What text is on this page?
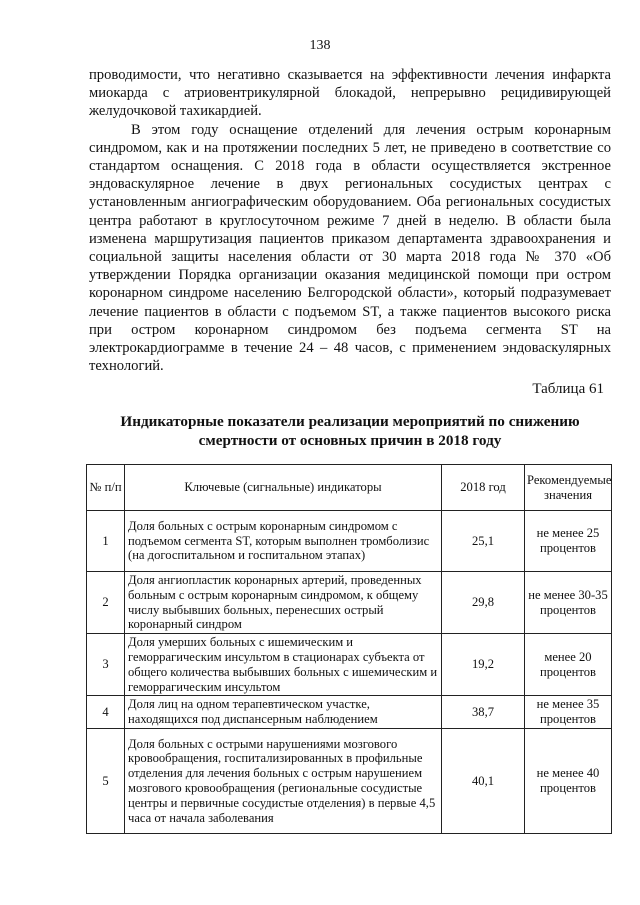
138

проводимости, что негативно сказывается на эффективности лечения инфаркта миокарда с атриовентрикулярной блокадой, непрерывно рецидивирующей желудочковой тахикардией.

В этом году оснащение отделений для лечения острым коронарным синдромом, как и на протяжении последних 5 лет, не приведено в соответствие со стандартом оснащения. С 2018 года в области осуществляется экстренное эндоваскулярное лечение в двух региональных сосудистых центрах с установленным ангиографическим оборудованием. Оба региональных сосудистых центра работают в круглосуточном режиме 7 дней в неделю. В области была изменена маршрутизация пациентов приказом департамента здравоохранения и социальной защиты населения области от 30 марта 2018 года № 370 «Об утверждении Порядка организации оказания медицинской помощи при остром коронарном синдроме населению Белгородской области», который подразумевает лечение пациентов в области с подъемом ST, а также пациентов высокого риска при остром коронарном синдромом без подъема сегмента ST на электрокардиограмме в течение 24 – 48 часов, с применением эндоваскулярных технологий.

Таблица 61
Индикаторные показатели реализации мероприятий по снижению смертности от основных причин в 2018 году
№ п/п	Ключевые (сигнальные) индикаторы	2018 год	Рекомендуемые значения
1	Доля больных с острым коронарным синдромом с подъемом сегмента ST, которым выполнен тромболизис (на догоспитальном и госпитальном этапах)	25,1	не менее 25 процентов
2	Доля ангиопластик коронарных артерий, проведенных больным с острым коронарным синдромом, к общему числу выбывших больных, перенесших острый коронарный синдром	29,8	не менее 30-35 процентов
3	Доля умерших больных с ишемическим и геморрагическим инсультом в стационарах субъекта от общего количества выбывших больных с ишемическим и геморрагическим инсультом	19,2	менее 20 процентов
4	Доля лиц на одном терапевтическом участке, находящихся под диспансерным наблюдением	38,7	не менее 35 процентов
5	Доля больных с острыми нарушениями мозгового кровообращения, госпитализированных в профильные отделения для лечения больных с острым нарушением мозгового кровообращения (региональные сосудистые центры и первичные сосудистые отделения) в первые 4,5 часа от начала заболевания	40,1	не менее 40 процентов
